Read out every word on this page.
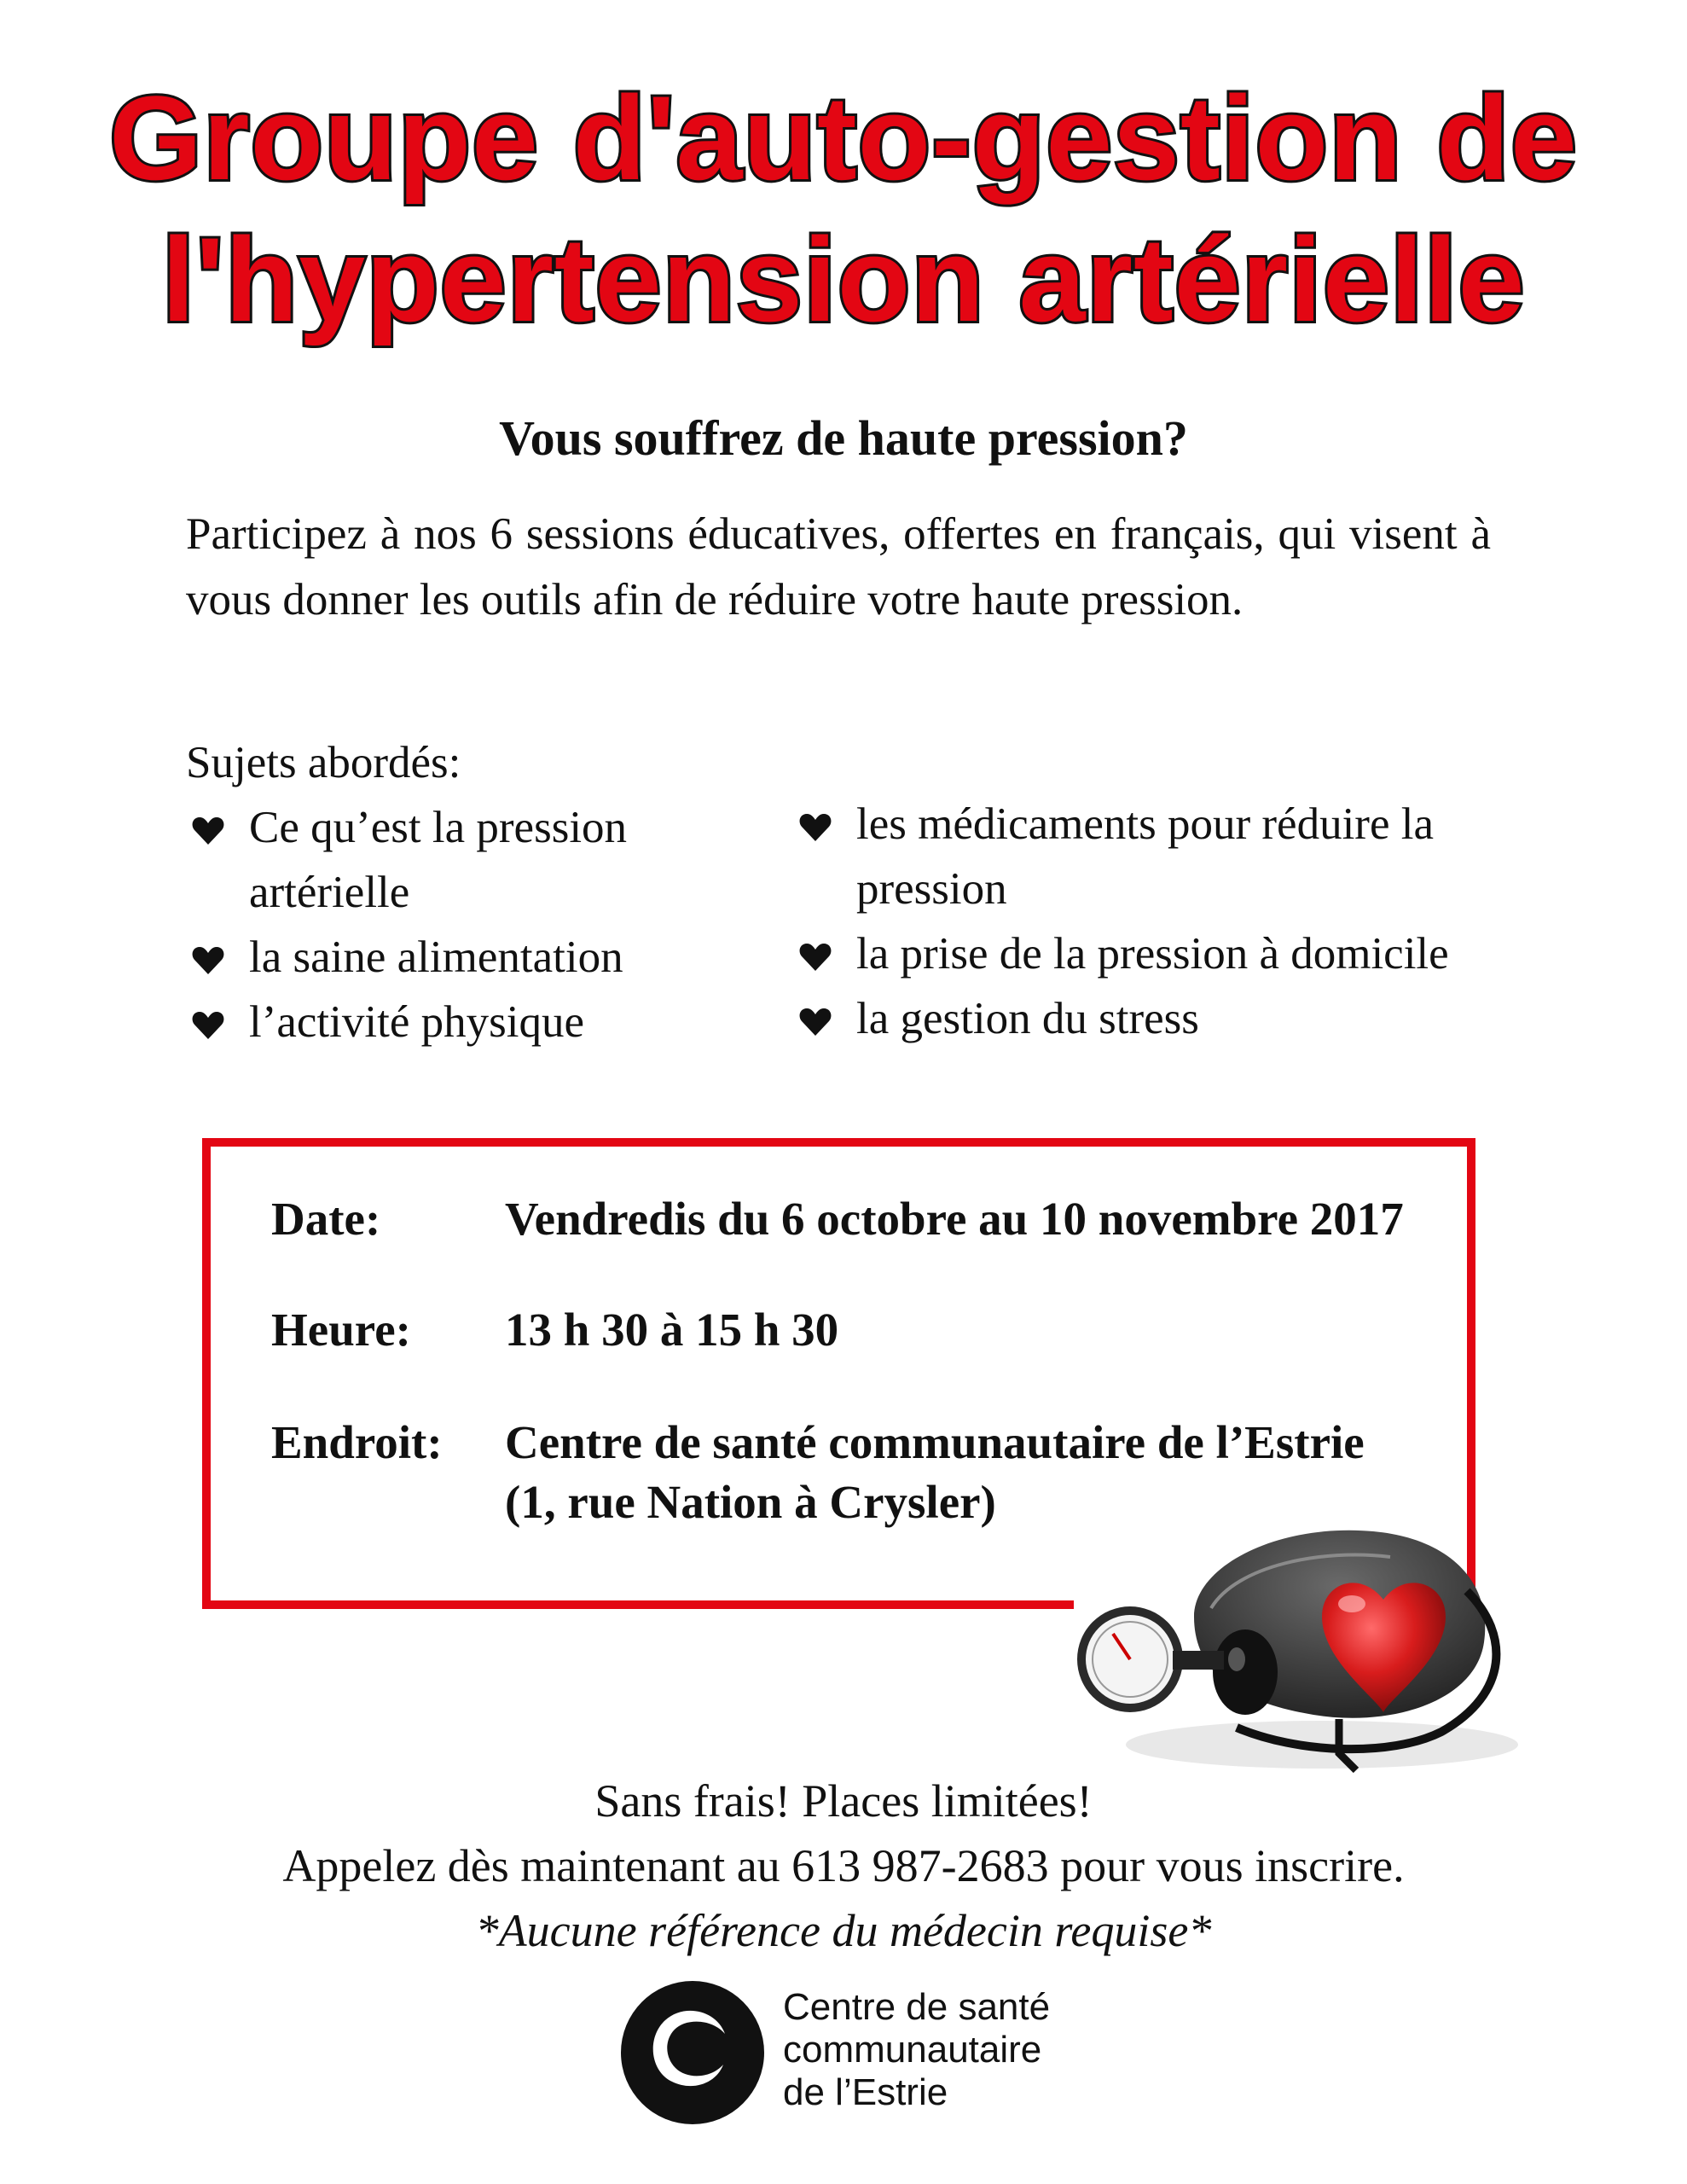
Groupe d'auto-gestion de
l'hypertension artérielle
Vous souffrez de haute pression?
Participez à nos 6 sessions éducatives, offertes en français, qui visent à vous donner les outils afin de réduire votre haute pression.
Sujets abordés:
Ce qu’est la pression artérielle
la saine alimentation
l’activité physique
les médicaments pour réduire la pression
la prise de la pression à domicile
la gestion du stress
Date:	Vendredis du 6 octobre au 10 novembre 2017
Heure: 13 h 30 à 15 h 30
Endroit: Centre de santé communautaire de l’Estrie
(1, rue Nation à Crysler)
Sans frais! Places limitées!
Appelez dès maintenant au 613 987-2683 pour vous inscrire.
*Aucune référence du médecin requise*
Centre de santé
communautaire
de l’Estrie
